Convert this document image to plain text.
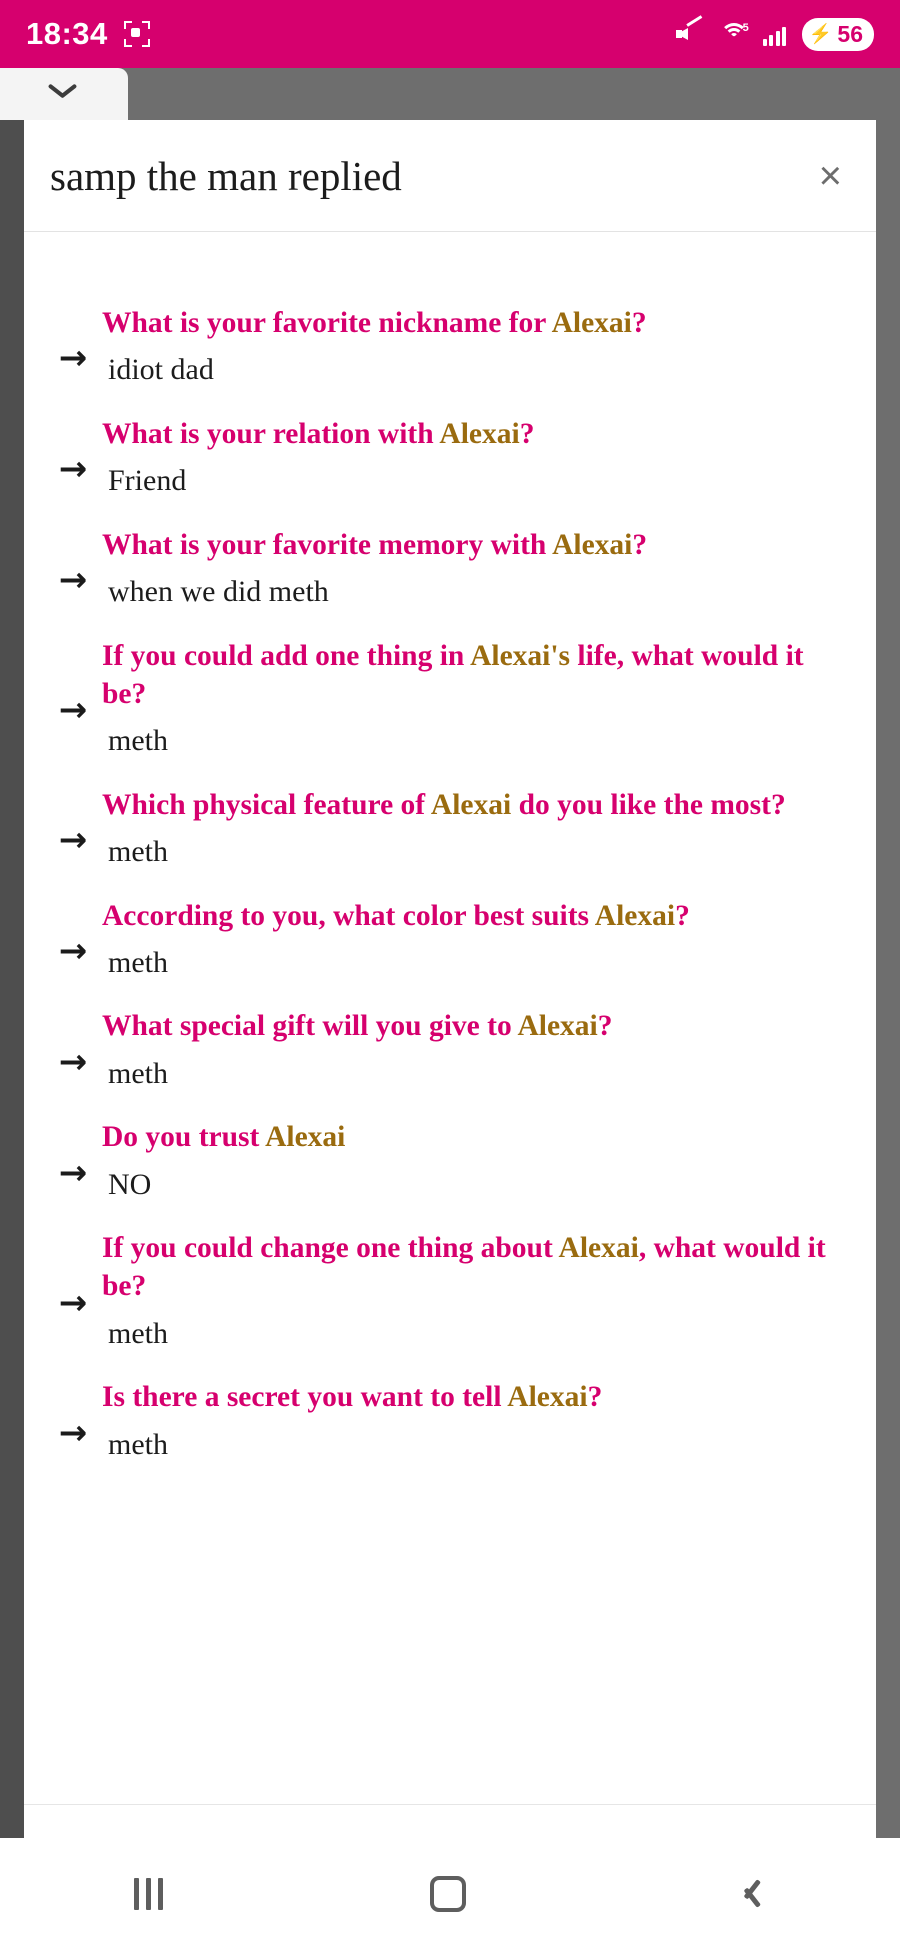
18:34	5	⚡ 56
samp the man replied	×
→
What is your favorite nickname for Alexai?
idiot dad
→
What is your relation with Alexai?
Friend
→
What is your favorite memory with Alexai?
when we did meth
→
If you could add one thing in Alexai's life, what would it be?
meth
→
Which physical feature of Alexai do you like the most?
meth
→
According to you, what color best suits Alexai?
meth
→
What special gift will you give to Alexai?
meth
→
Do you trust Alexai
NO
→
If you could change one thing about Alexai, what would it be?
meth
→
Is there a secret you want to tell Alexai?
meth
